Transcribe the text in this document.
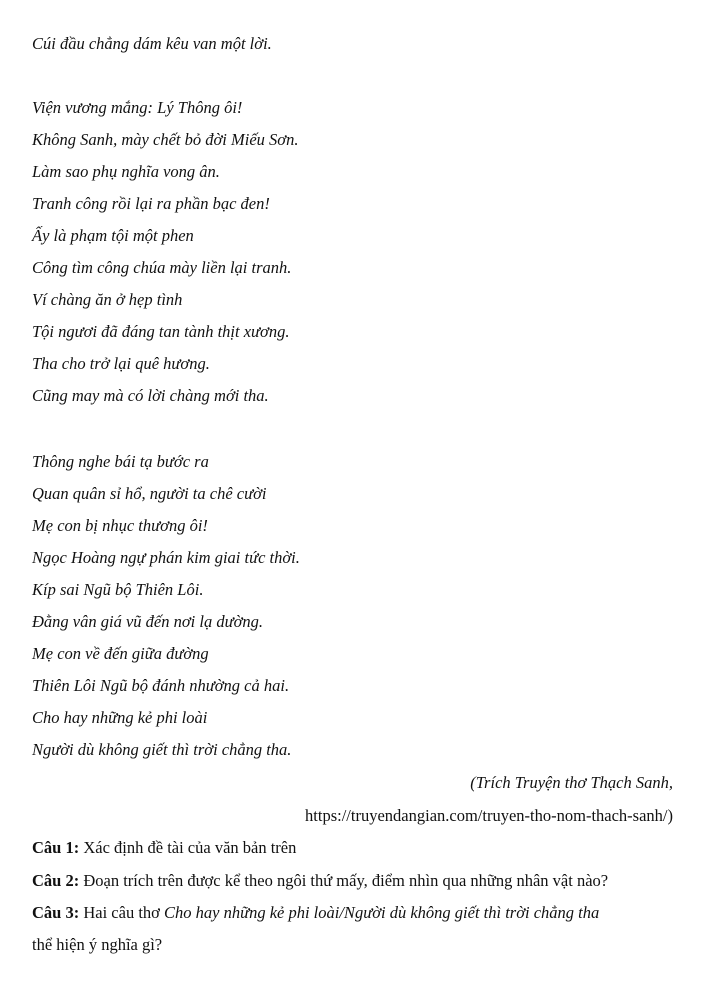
Cúi đầu chẳng dám kêu van một lời.
Viện vương mắng: Lý Thông ôi!
Không Sanh, mày chết bỏ đời Miếu Sơn.
Làm sao phụ nghĩa vong ân.
Tranh công rồi lại ra phần bạc đen!
Ấy là phạm tội một phen
Công tìm công chúa mày liền lại tranh.
Ví chàng ăn ở hẹp tình
Tội ngươi đã đáng tan tành thịt xương.
Tha cho trở lại quê hương.
Cũng may mà có lời chàng mới tha.
Thông nghe bái tạ bước ra
Quan quân sỉ hổ, người ta chê cười
Mẹ con bị nhục thương ôi!
Ngọc Hoàng ngự phán kim giai tức thời.
Kíp sai Ngũ bộ Thiên Lôi.
Đằng vân giá vũ đến nơi lạ dường.
Mẹ con về đến giữa đường
Thiên Lôi Ngũ bộ đánh nhường cả hai.
Cho hay những kẻ phi loài
Người dù không giết thì trời chẳng tha.
(Trích Truyện thơ Thạch Sanh,
https://truyendangian.com/truyen-tho-nom-thach-sanh/)
Câu 1: Xác định đề tài của văn bản trên
Câu 2: Đoạn trích trên được kể theo ngôi thứ mấy, điểm nhìn qua những nhân vật nào?
Câu 3: Hai câu thơ Cho hay những kẻ phi loài/Người dù không giết thì trời chẳng tha
thể hiện ý nghĩa gì?
